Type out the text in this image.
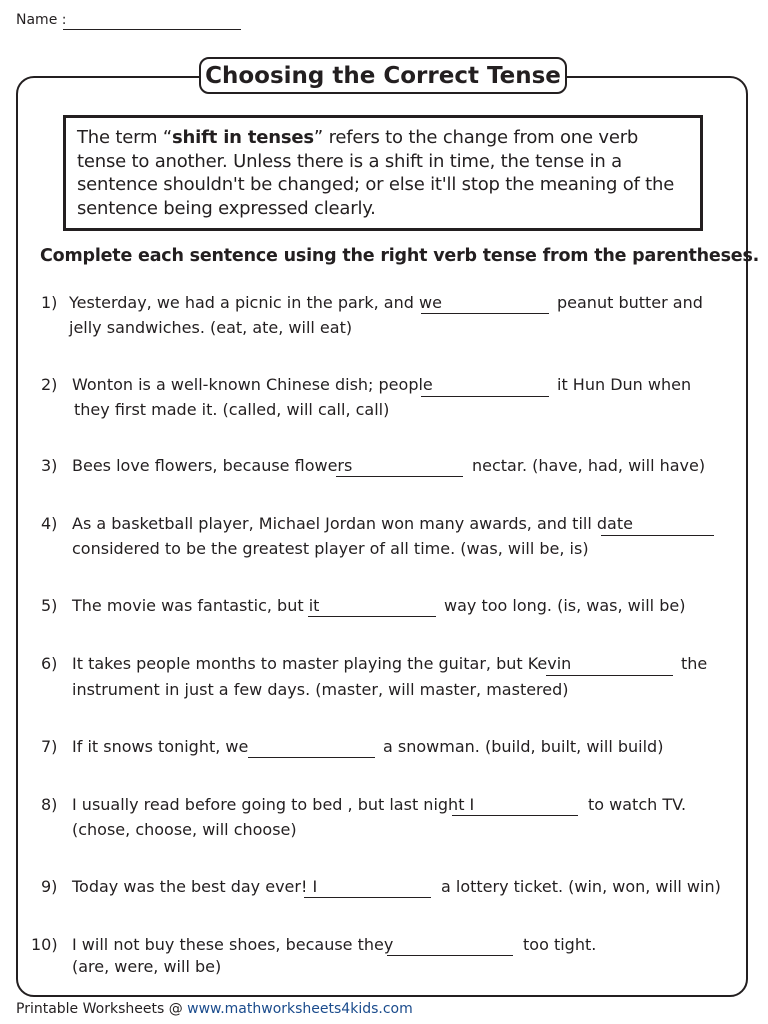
Name :
Choosing the Correct Tense
The term “shift in tenses” refers to the change from one verb tense to another. Unless there is a shift in time, the tense in a sentence shouldn't be changed; or else it'll stop the meaning of the sentence being expressed clearly.
Complete each sentence using the right verb tense from the parentheses.
1) Yesterday, we had a picnic in the park, and we	peanut butter and
jelly sandwiches. (eat, ate, will eat)
2) Wonton is a well-known Chinese dish; people	it Hun Dun when
they first made it. (called, will call, call)
3) Bees love flowers, because flowers	nectar. (have, had, will have)
4) As a basketball player, Michael Jordan won many awards, and till date
considered to be the greatest player of all time. (was, will be, is)
5) The movie was fantastic, but it	way too long. (is, was, will be)
6) It takes people months to master playing the guitar, but Kevin	the
instrument in just a few days. (master, will master, mastered)
7) If it snows tonight, we	a snowman. (build, built, will build)
8) I usually read before going to bed , but last night I	to watch TV.
(chose, choose, will choose)
9) Today was the best day ever! I	a lottery ticket. (win, won, will win)
10) I will not buy these shoes, because they	too tight.
(are, were, will be)
Printable Worksheets @ www.mathworksheets4kids.com
